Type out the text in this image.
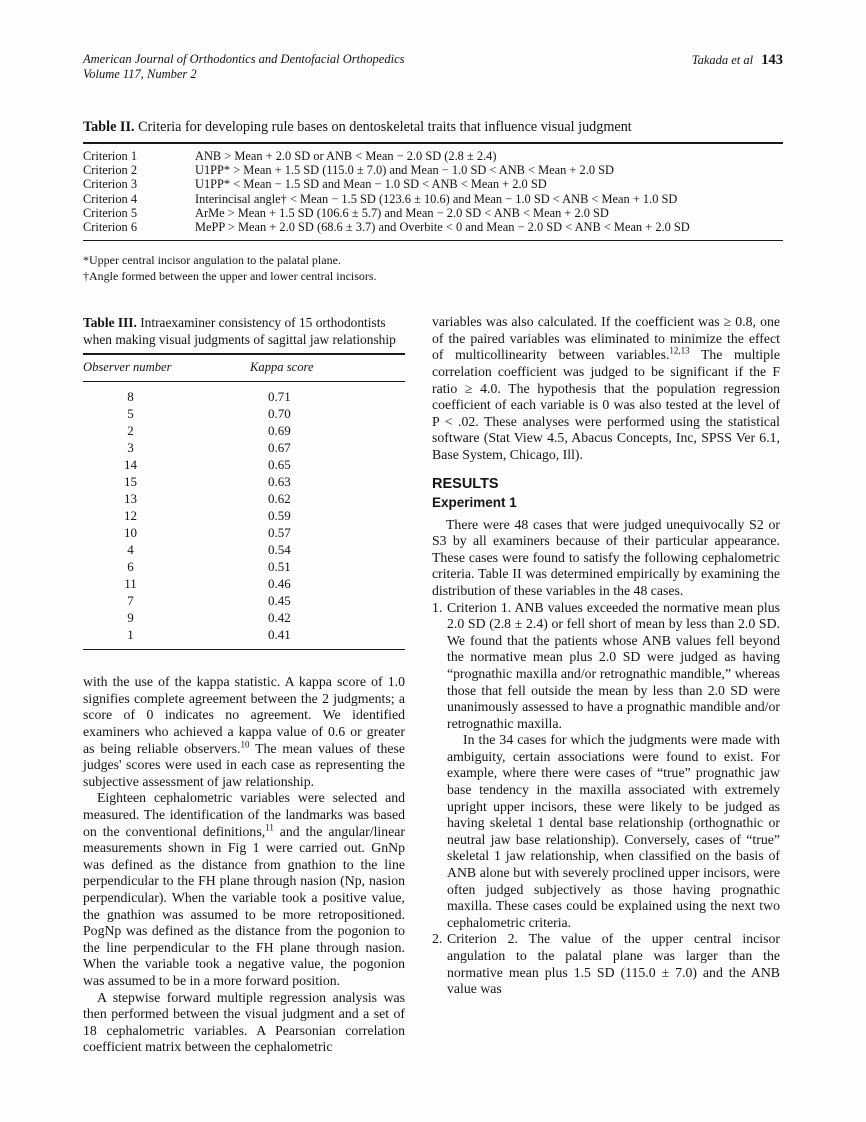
American Journal of Orthodontics and Dentofacial Orthopedics
Volume 117, Number 2
Takada et al 143
Table II. Criteria for developing rule bases on dentoskeletal traits that influence visual judgment
Criterion 1	ANB > Mean + 2.0 SD or ANB < Mean − 2.0 SD (2.8 ± 2.4)
Criterion 2	U1PP* > Mean + 1.5 SD (115.0 ± 7.0) and Mean − 1.0 SD < ANB < Mean + 2.0 SD
Criterion 3	U1PP* < Mean − 1.5 SD and Mean − 1.0 SD < ANB < Mean + 2.0 SD
Criterion 4	Interincisal angle† < Mean − 1.5 SD (123.6 ± 10.6) and Mean − 1.0 SD < ANB < Mean + 1.0 SD
Criterion 5	ArMe > Mean + 1.5 SD (106.6 ± 5.7) and Mean − 2.0 SD < ANB < Mean + 2.0 SD
Criterion 6	MePP > Mean + 2.0 SD (68.6 ± 3.7) and Overbite < 0 and Mean − 2.0 SD < ANB < Mean + 2.0 SD
*Upper central incisor angulation to the palatal plane.
†Angle formed between the upper and lower central incisors.
Table III. Intraexaminer consistency of 15 orthodontists when making visual judgments of sagittal jaw relationship
Observer number	Kappa score
8	0.71
5	0.70
2	0.69
3	0.67
14	0.65
15	0.63
13	0.62
12	0.59
10	0.57
4	0.54
6	0.51
11	0.46
7	0.45
9	0.42
1	0.41

with the use of the kappa statistic. A kappa score of 1.0 signifies complete agreement between the 2 judgments; a score of 0 indicates no agreement. We identified examiners who achieved a kappa value of 0.6 or greater as being reliable observers.$^{10}$ The mean values of these judges' scores were used in each case as representing the subjective assessment of jaw relationship.

Eighteen cephalometric variables were selected and measured. The identification of the landmarks was based on the conventional definitions,$^{11}$ and the angular/linear measurements shown in Fig 1 were carried out. GnNp was defined as the distance from gnathion to the line perpendicular to the FH plane through nasion (Np, nasion perpendicular). When the variable took a positive value, the gnathion was assumed to be more retropositioned. PogNp was defined as the distance from the pogonion to the line perpendicular to the FH plane through nasion. When the variable took a negative value, the pogonion was assumed to be in a more forward position.

A stepwise forward multiple regression analysis was then performed between the visual judgment and a set of 18 cephalometric variables. A Pearsonian correlation coefficient matrix between the cephalometric

variables was also calculated. If the coefficient was ≥ 0.8, one of the paired variables was eliminated to minimize the effect of multicollinearity between variables.$^{12,13}$ The multiple correlation coefficient was judged to be significant if the F ratio ≥ 4.0. The hypothesis that the population regression coefficient of each variable is 0 was also tested at the level of P < .02. These analyses were performed using the statistical software (Stat View 4.5, Abacus Concepts, Inc, SPSS Ver 6.1, Base System, Chicago, Ill).

RESULTS
Experiment 1

There were 48 cases that were judged unequivocally S2 or S3 by all examiners because of their particular appearance. These cases were found to satisfy the following cephalometric criteria. Table II was determined empirically by examining the distribution of these variables in the 48 cases.

1. Criterion 1. ANB values exceeded the normative mean plus 2.0 SD (2.8 ± 2.4) or fell short of mean by less than 2.0 SD. We found that the patients whose ANB values fell beyond the normative mean plus 2.0 SD were judged as having “prognathic maxilla and/or retrognathic mandible,” whereas those that fell outside the mean by less than 2.0 SD were unanimously assessed to have a prognathic mandible and/or retrognathic maxilla.

In the 34 cases for which the judgments were made with ambiguity, certain associations were found to exist. For example, where there were cases of “true” prognathic jaw base tendency in the maxilla associated with extremely upright upper incisors, these were likely to be judged as having skeletal 1 dental base relationship (orthognathic or neutral jaw base relationship). Conversely, cases of “true” skeletal 1 jaw relationship, when classified on the basis of ANB alone but with severely proclined upper incisors, were often judged subjectively as those having prognathic maxilla. These cases could be explained using the next two cephalometric criteria.

2. Criterion 2. The value of the upper central incisor angulation to the palatal plane was larger than the normative mean plus 1.5 SD (115.0 ± 7.0) and the ANB value was
